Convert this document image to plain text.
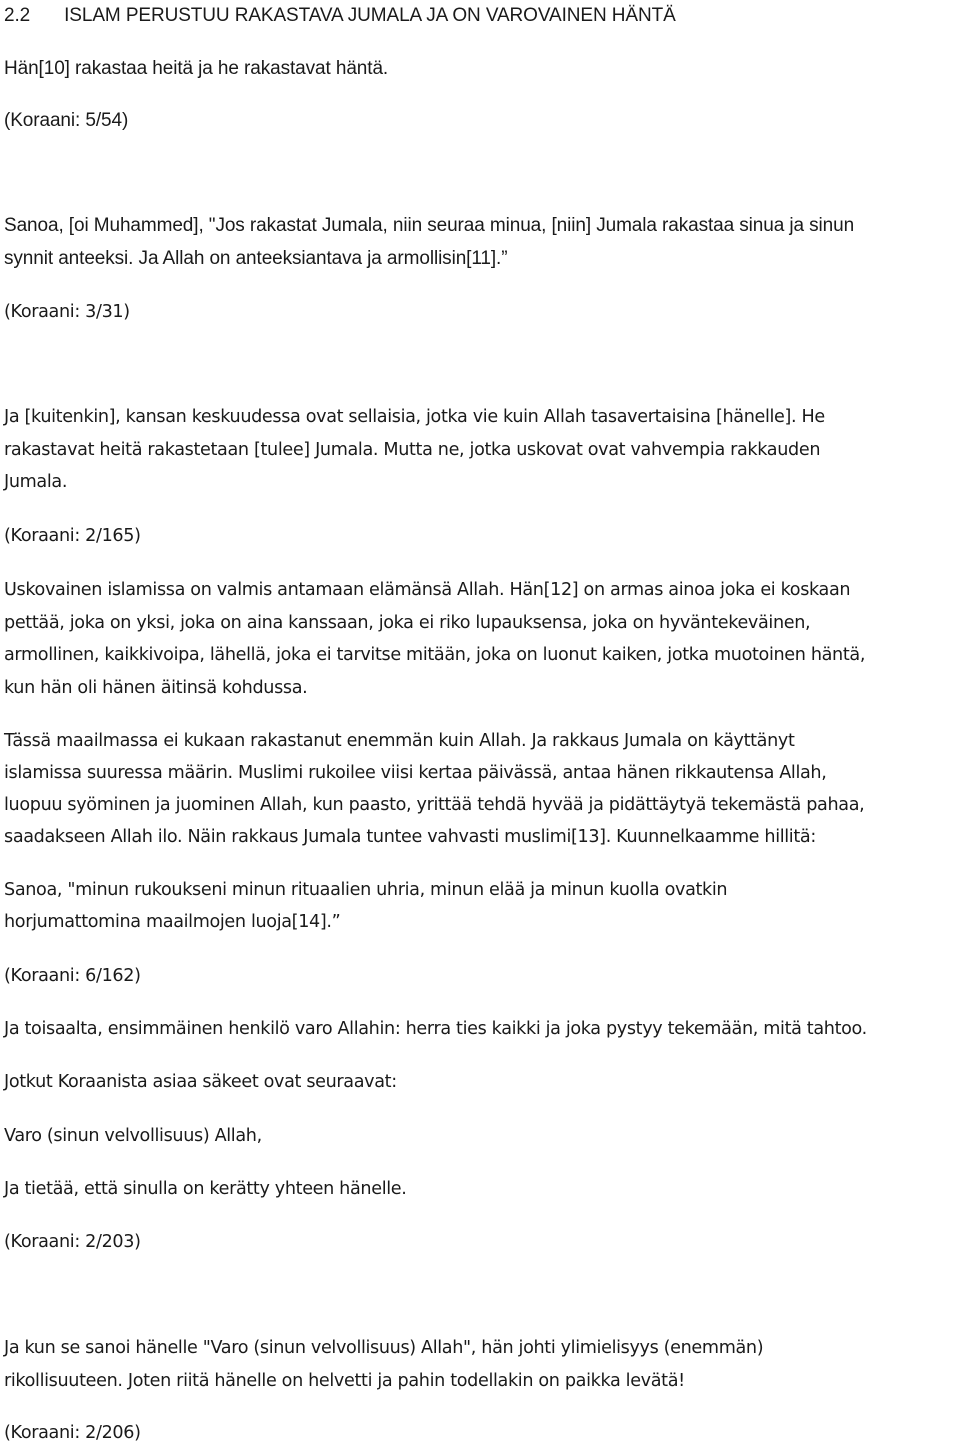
2.2 ISLAM PERUSTUU RAKASTAVA JUMALA JA ON VAROVAINEN HÄNTÄ
Hän[10] rakastaa heitä ja he rakastavat häntä.
(Koraani: 5/54)
Sanoa, [oi Muhammed], "Jos rakastat Jumala, niin seuraa minua, [niin] Jumala rakastaa sinua ja sinun
synnit anteeksi. Ja Allah on anteeksiantava ja armollisin[11].”
(Koraani: 3/31)
Ja [kuitenkin], kansan keskuudessa ovat sellaisia, jotka vie kuin Allah tasavertaisina [hänelle]. He
rakastavat heitä rakastetaan [tulee] Jumala. Mutta ne, jotka uskovat ovat vahvempia rakkauden
Jumala.
(Koraani: 2/165)
Uskovainen islamissa on valmis antamaan elämänsä Allah. Hän[12] on armas ainoa joka ei koskaan
pettää, joka on yksi, joka on aina kanssaan, joka ei riko lupauksensa, joka on hyväntekeväinen,
armollinen, kaikkivoipa, lähellä, joka ei tarvitse mitään, joka on luonut kaiken, jotka muotoinen häntä,
kun hän oli hänen äitinsä kohdussa.
Tässä maailmassa ei kukaan rakastanut enemmän kuin Allah. Ja rakkaus Jumala on käyttänyt
islamissa suuressa määrin. Muslimi rukoilee viisi kertaa päivässä, antaa hänen rikkautensa Allah,
luopuu syöminen ja juominen Allah, kun paasto, yrittää tehdä hyvää ja pidättäytyä tekemästä pahaa,
saadakseen Allah ilo. Näin rakkaus Jumala tuntee vahvasti muslimi[13]. Kuunnelkaamme hillitä:
Sanoa, "minun rukoukseni minun rituaalien uhria, minun elää ja minun kuolla ovatkin
horjumattomina maailmojen luoja[14].”
(Koraani: 6/162)
Ja toisaalta, ensimmäinen henkilö varo Allahin: herra ties kaikki ja joka pystyy tekemään, mitä tahtoo.
Jotkut Koraanista asiaa säkeet ovat seuraavat:
Varo (sinun velvollisuus) Allah,
Ja tietää, että sinulla on kerätty yhteen hänelle.
(Koraani: 2/203)
Ja kun se sanoi hänelle "Varo (sinun velvollisuus) Allah", hän johti ylimielisyys (enemmän)
rikollisuuteen. Joten riitä hänelle on helvetti ja pahin todellakin on paikka levätä!
(Koraani: 2/206)
